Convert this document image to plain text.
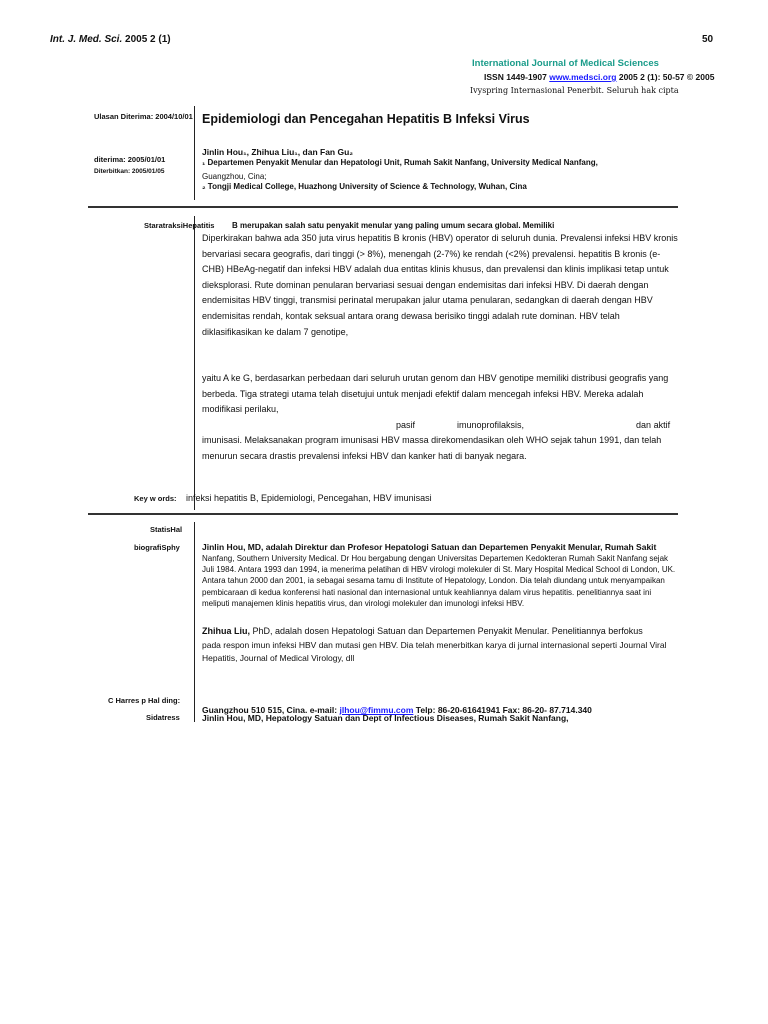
Int. J. Med. Sci. 2005 2 (1)	50
International Journal of Medical Sciences
ISSN 1449-1907 www.medsci.org 2005 2 (1): 50-57 © 2005
Ivyspring Internasional Penerbit. Seluruh hak cipta
Ulasan Diterima: 2004/10/01
diterima: 2005/01/01
Diterbitkan: 2005/01/05
Epidemiologi dan Pencegahan Hepatitis B Infeksi Virus
Jinlin Hou₁, Zhihua Liu₁, dan Fan Gu₂
₁ Departemen Penyakit Menular dan Hepatologi Unit, Rumah Sakit Nanfang, University Medical Nanfang,
Guangzhou, Cina;
₂ Tongji Medical College, Huazhong University of Science & Technology, Wuhan, Cina
StaratraksiHepatitis B merupakan salah satu penyakit menular yang paling umum secara global. Memiliki
Diperkirakan bahwa ada 350 juta virus hepatitis B kronis (HBV) operator di seluruh dunia. Prevalensi infeksi HBV kronis bervariasi secara geografis, dari tinggi (> 8%), menengah (2-7%) ke rendah (<2%) prevalensi. hepatitis B kronis (e-CHB) HBeAg-negatif dan infeksi HBV adalah dua entitas klinis khusus, dan prevalensi dan klinis implikasi tetap untuk dieksplorasi. Rute dominan penularan bervariasi sesuai dengan endemisitas dari infeksi HBV. Di daerah dengan endemisitas HBV tinggi, transmisi perinatal merupakan jalur utama penularan, sedangkan di daerah dengan HBV endemisitas rendah, kontak seksual antara orang dewasa berisiko tinggi adalah rute dominan. HBV telah diklasifikasikan ke dalam 7 genotipe,
yaitu A ke G, berdasarkan perbedaan dari seluruh urutan genom dan HBV genotipe memiliki distribusi geografis yang berbeda. Tiga strategi utama telah disetujui untuk menjadi efektif dalam mencegah infeksi HBV. Mereka adalah modifikasi perilaku,
pasif	imunoprofilaksis,	dan aktif
imunisasi. Melaksanakan program imunisasi HBV massa direkomendasikan oleh WHO sejak tahun 1991, dan telah menurun secara drastis prevalensi infeksi HBV dan kanker hati di banyak negara.
Key w ords: infeksi hepatitis B, Epidemiologi, Pencegahan, HBV imunisasi
StatisHal
biografiSphy	Jinlin Hou, MD, adalah Direktur dan Profesor Hepatologi Satuan dan Departemen Penyakit Menular, Rumah Sakit
Nanfang, Southern University Medical. Dr Hou bergabung dengan Universitas Departemen Kedokteran Rumah Sakit Nanfang sejak Juli 1984. Antara 1993 dan 1994, ia menerima pelatihan di HBV virologi molekuler di St. Mary Hospital Medical School di London, UK. Antara tahun 2000 dan 2001, ia sebagai sesama tamu di Institute of Hepatology, London. Dia telah diundang untuk menyampaikan pembicaraan di kedua konferensi hati nasional dan internasional untuk keahliannya dalam virus hepatitis. penelitiannya saat ini meliputi manajemen klinis hepatitis virus, dan virologi molekuler dan imunologi infeksi HBV.
Zhihua Liu, PhD, adalah dosen Hepatologi Satuan dan Departemen Penyakit Menular. Penelitiannya berfokus
pada respon imun infeksi HBV dan mutasi gen HBV. Dia telah menerbitkan karya di jurnal internasional seperti Journal Viral Hepatitis, Journal of Medical Virology, dll
C Harres p Hal ding:
Sidatress
Guangzhou 510 515, Cina. e-mail: jlhou@fimmu.com Telp: 86-20-61641941 Fax: 86-20- 87.714.340
Jinlin Hou, MD, Hepatology Satuan dan Dept of Infectious Diseases, Rumah Sakit Nanfang,
